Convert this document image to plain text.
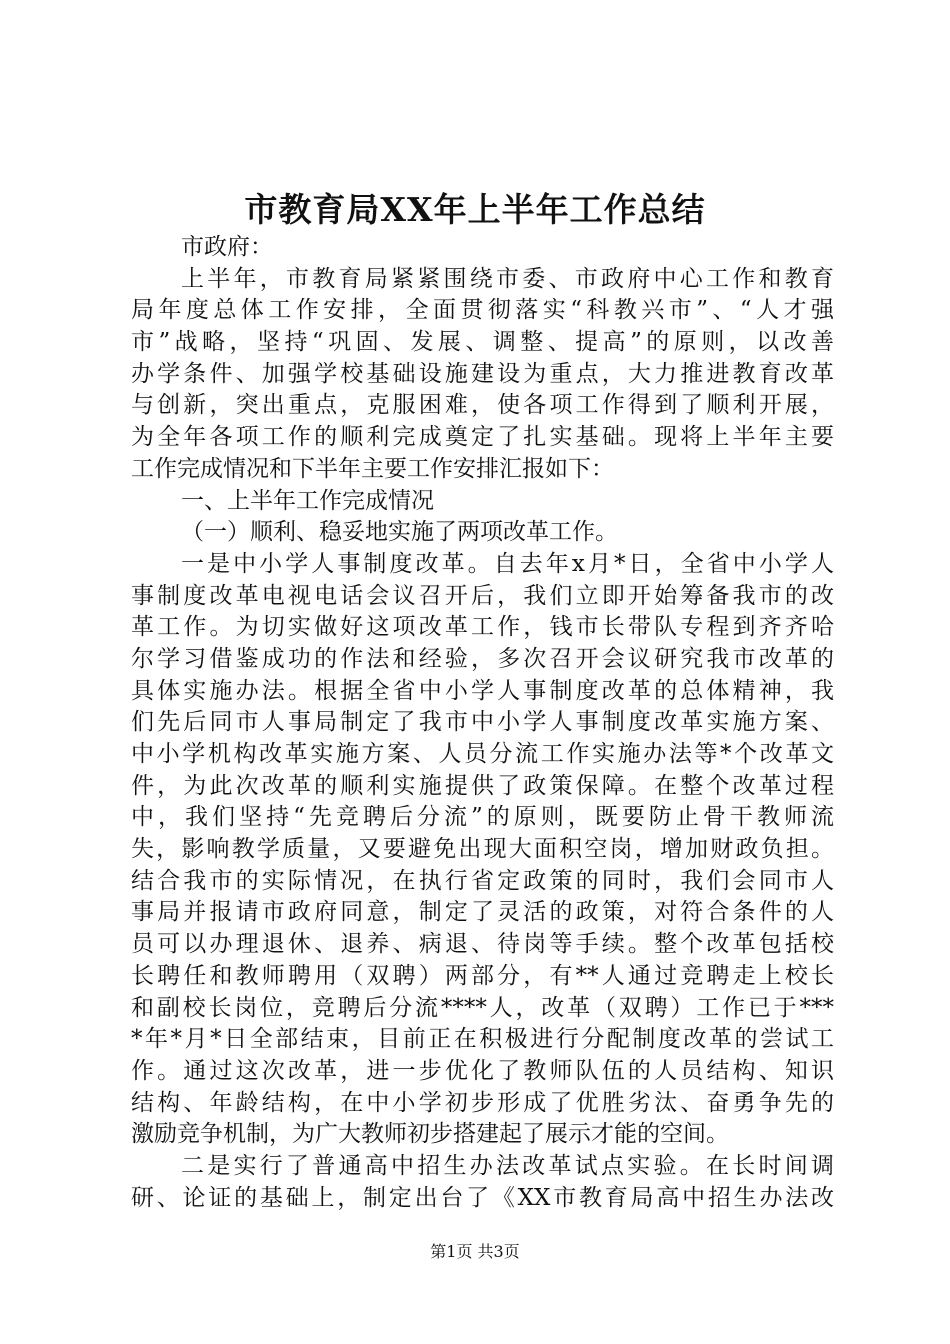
市教育局XX年上半年工作总结
市政府：
上半年，市教育局紧紧围绕市委、市政府中心工作和教育
局年度总体工作安排，全面贯彻落实“科教兴市”、“人才强
市”战略，坚持“巩固、发展、调整、提高”的原则，以改善
办学条件、加强学校基础设施建设为重点，大力推进教育改革
与创新，突出重点，克服困难，使各项工作得到了顺利开展，
为全年各项工作的顺利完成奠定了扎实基础。现将上半年主要
工作完成情况和下半年主要工作安排汇报如下：
一、上半年工作完成情况
（一）顺利、稳妥地实施了两项改革工作。
一是中小学人事制度改革。自去年x月*日，全省中小学人
事制度改革电视电话会议召开后，我们立即开始筹备我市的改
革工作。为切实做好这项改革工作，钱市长带队专程到齐齐哈
尔学习借鉴成功的作法和经验，多次召开会议研究我市改革的
具体实施办法。根据全省中小学人事制度改革的总体精神，我
们先后同市人事局制定了我市中小学人事制度改革实施方案、
中小学机构改革实施方案、人员分流工作实施办法等*个改革文
件，为此次改革的顺利实施提供了政策保障。在整个改革过程
中，我们坚持“先竞聘后分流”的原则，既要防止骨干教师流
失，影响教学质量，又要避免出现大面积空岗，增加财政负担。
结合我市的实际情况，在执行省定政策的同时，我们会同市人
事局并报请市政府同意，制定了灵活的政策，对符合条件的人
员可以办理退休、退养、病退、待岗等手续。整个改革包括校
长聘任和教师聘用（双聘）两部分，有**人通过竞聘走上校长
和副校长岗位，竞聘后分流****人，改革（双聘）工作已于***
*年*月*日全部结束，目前正在积极进行分配制度改革的尝试工
作。通过这次改革，进一步优化了教师队伍的人员结构、知识
结构、年龄结构，在中小学初步形成了优胜劣汰、奋勇争先的
激励竞争机制，为广大教师初步搭建起了展示才能的空间。
二是实行了普通高中招生办法改革试点实验。在长时间调
研、论证的基础上，制定出台了《XX市教育局高中招生办法改
第1页 共3页
